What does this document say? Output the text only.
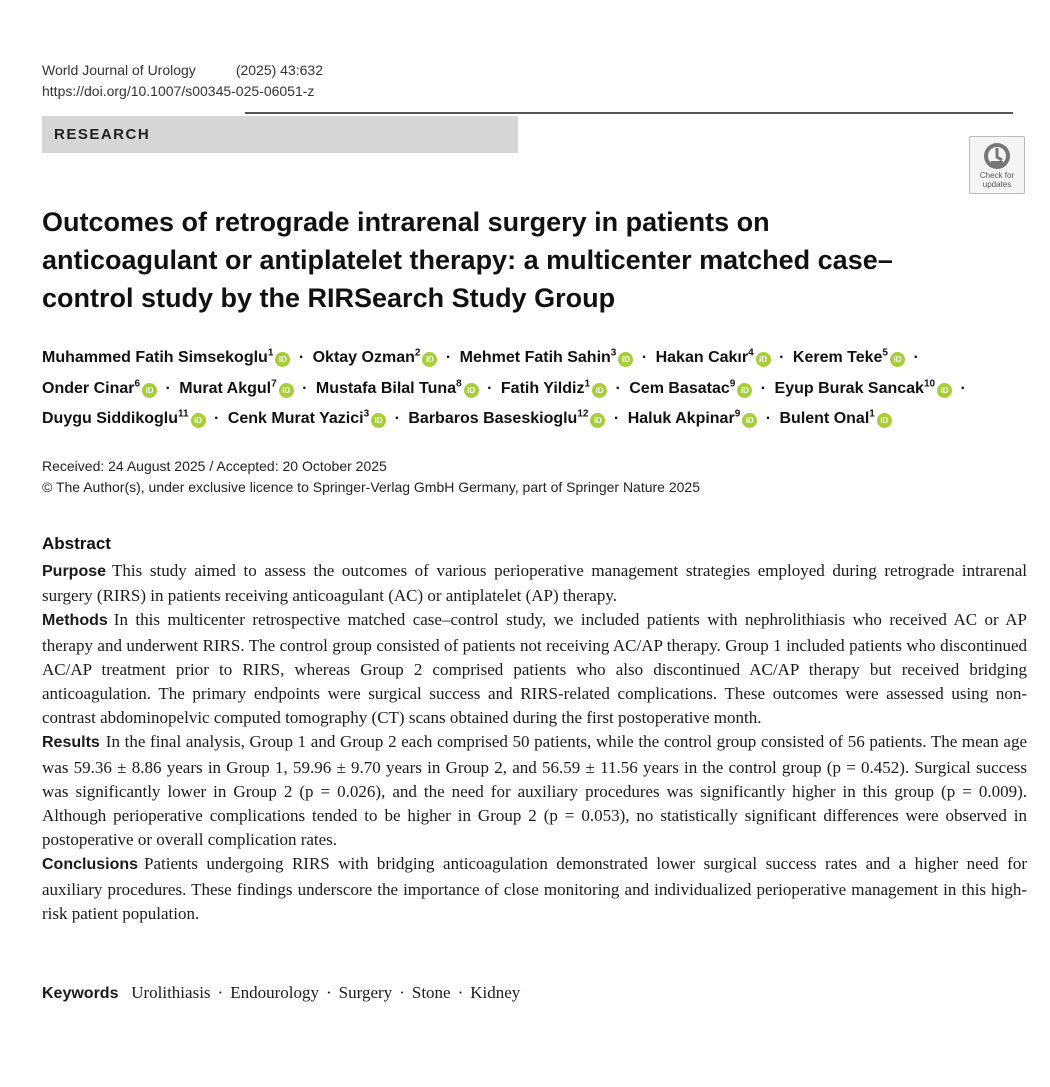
World Journal of Urology	(2025) 43:632
https://doi.org/10.1007/s00345-025-06051-z
RESEARCH
Check for
updates
Outcomes of retrograde intrarenal surgery in patients on anticoagulant or antiplatelet therapy: a multicenter matched case–control study by the RIRSearch Study Group
Muhammed Fatih Simsekoglu$^1$iD · Oktay Ozman$^2$iD · Mehmet Fatih Sahin$^3$iD · Hakan Cakır$^4$iD · Kerem Teke$^5$iD · Onder Cinar$^6$iD · Murat Akgul$^7$iD · Mustafa Bilal Tuna$^8$iD · Fatih Yildiz$^1$iD · Cem Basatac$^9$iD · Eyup Burak Sancak$^{10}$iD · Duygu Siddikoglu$^{11}$iD · Cenk Murat Yazici$^3$iD · Barbaros Baseskioglu$^{12}$iD · Haluk Akpinar$^9$iD · Bulent Onal$^1$iD
Received: 24 August 2025 / Accepted: 20 October 2025
© The Author(s), under exclusive licence to Springer-Verlag GmbH Germany, part of Springer Nature 2025
Abstract

Purpose This study aimed to assess the outcomes of various perioperative management strategies employed during retrograde intrarenal surgery (RIRS) in patients receiving anticoagulant (AC) or antiplatelet (AP) therapy.

Methods In this multicenter retrospective matched case–control study, we included patients with nephrolithiasis who received AC or AP therapy and underwent RIRS. The control group consisted of patients not receiving AC/AP therapy. Group 1 included patients who discontinued AC/AP treatment prior to RIRS, whereas Group 2 comprised patients who also discontinued AC/AP therapy but received bridging anticoagulation. The primary endpoints were surgical success and RIRS-related complications. These outcomes were assessed using non-contrast abdominopelvic computed tomography (CT) scans obtained during the first postoperative month.

Results In the final analysis, Group 1 and Group 2 each comprised 50 patients, while the control group consisted of 56 patients. The mean age was 59.36 ± 8.86 years in Group 1, 59.96 ± 9.70 years in Group 2, and 56.59 ± 11.56 years in the control group (p = 0.452). Surgical success was significantly lower in Group 2 (p = 0.026), and the need for auxiliary procedures was significantly higher in this group (p = 0.009). Although perioperative complications tended to be higher in Group 2 (p = 0.053), no statistically significant differences were observed in postoperative or overall complication rates.

Conclusions Patients undergoing RIRS with bridging anticoagulation demonstrated lower surgical success rates and a higher need for auxiliary procedures. These findings underscore the importance of close monitoring and individualized perioperative management in this high-risk patient population.

Keywords Urolithiasis · Endourology · Surgery · Stone · Kidney
